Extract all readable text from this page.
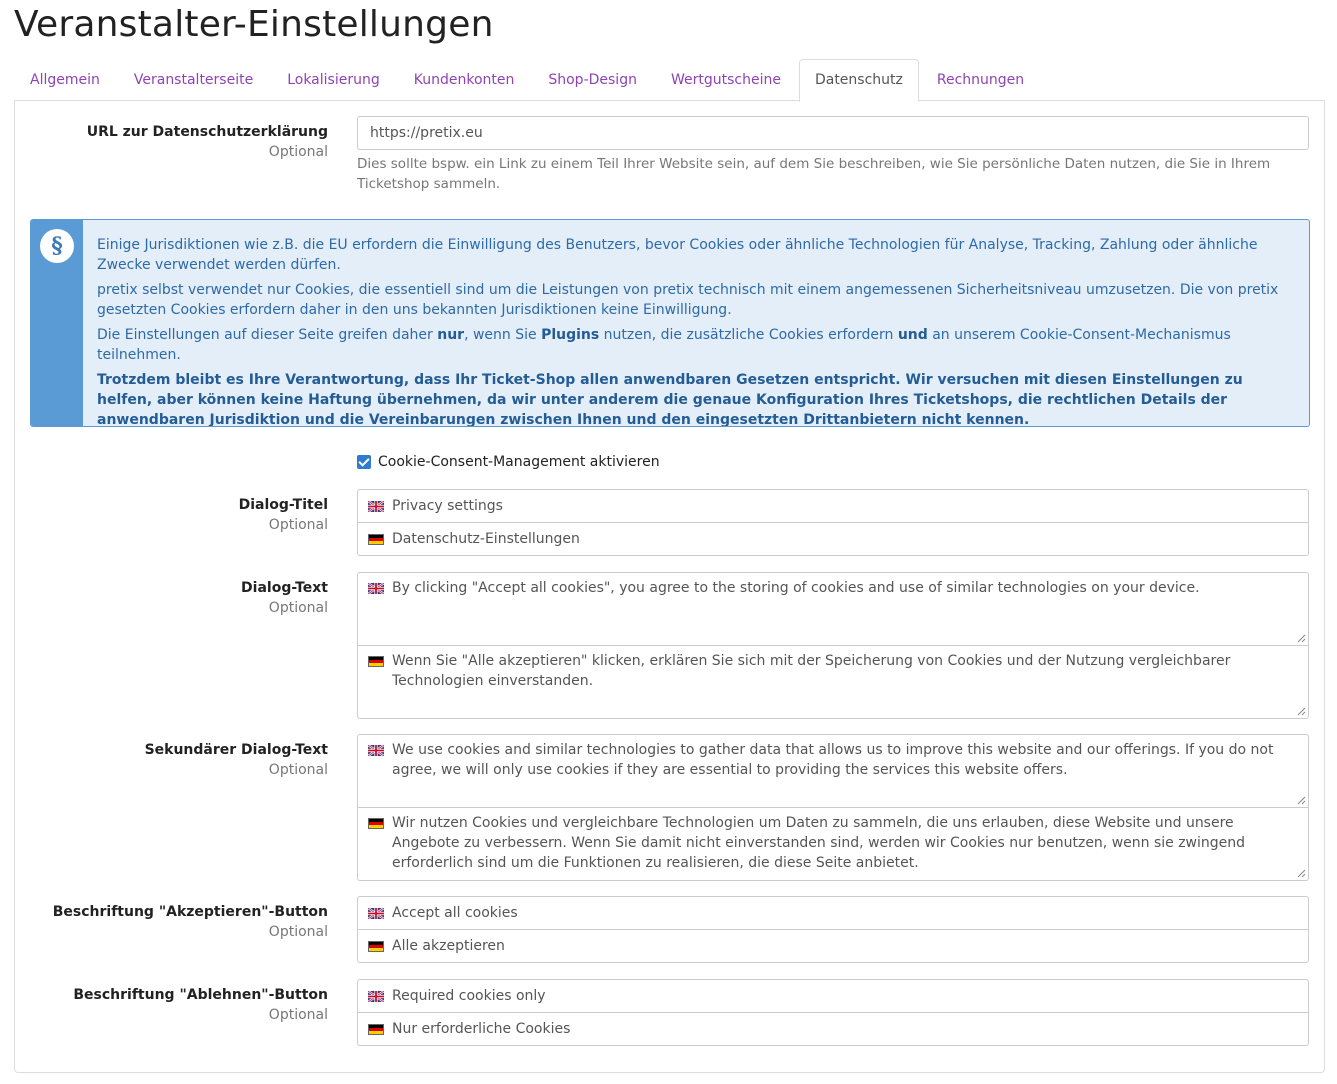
Veranstalter-Einstellungen
Allgemein	Veranstalterseite	Lokalisierung	Kundenkonten	Shop-Design	Wertgutscheine	Datenschutz	Rechnungen
URL zur Datenschutzerklärung
Optional
https://pretix.eu
Dies sollte bspw. ein Link zu einem Teil Ihrer Website sein, auf dem Sie beschreiben, wie Sie persönliche Daten nutzen, die Sie in Ihrem Ticketshop sammeln.
§	Einige Jurisdiktionen wie z.B. die EU erfordern die Einwilligung des Benutzers, bevor Cookies oder ähnliche Technologien für Analyse, Tracking, Zahlung oder ähnliche Zwecke verwendet werden dürfen.

pretix selbst verwendet nur Cookies, die essentiell sind um die Leistungen von pretix technisch mit einem angemessenen Sicherheitsniveau umzusetzen. Die von pretix gesetzten Cookies erfordern daher in den uns bekannten Jurisdiktionen keine Einwilligung.

Die Einstellungen auf dieser Seite greifen daher nur, wenn Sie Plugins nutzen, die zusätzliche Cookies erfordern und an unserem Cookie-Consent-Mechanismus teilnehmen.

Trotzdem bleibt es Ihre Verantwortung, dass Ihr Ticket-Shop allen anwendbaren Gesetzen entspricht. Wir versuchen mit diesen Einstellungen zu helfen, aber können keine Haftung übernehmen, da wir unter anderem die genaue Konfiguration Ihres Ticketshops, die rechtlichen Details der anwendbaren Jurisdiktion und die Vereinbarungen zwischen Ihnen und den eingesetzten Drittanbietern nicht kennen.

Cookie-Consent-Management aktivieren
Dialog-Titel
Optional
Privacy settings
Datenschutz-Einstellungen
Dialog-Text
Optional
By clicking "Accept all cookies", you agree to the storing of cookies and use of similar technologies on your device.
Wenn Sie "Alle akzeptieren" klicken, erklären Sie sich mit der Speicherung von Cookies und der Nutzung vergleichbarer Technologien einverstanden.
Sekundärer Dialog-Text
Optional
We use cookies and similar technologies to gather data that allows us to improve this website and our offerings. If you do not agree, we will only use cookies if they are essential to providing the services this website offers.
Wir nutzen Cookies und vergleichbare Technologien um Daten zu sammeln, die uns erlauben, diese Website und unsere Angebote zu verbessern. Wenn Sie damit nicht einverstanden sind, werden wir Cookies nur benutzen, wenn sie zwingend erforderlich sind um die Funktionen zu realisieren, die diese Seite anbietet.
Beschriftung "Akzeptieren"-Button
Optional
Accept all cookies
Alle akzeptieren
Beschriftung "Ablehnen"-Button
Optional
Required cookies only
Nur erforderliche Cookies
